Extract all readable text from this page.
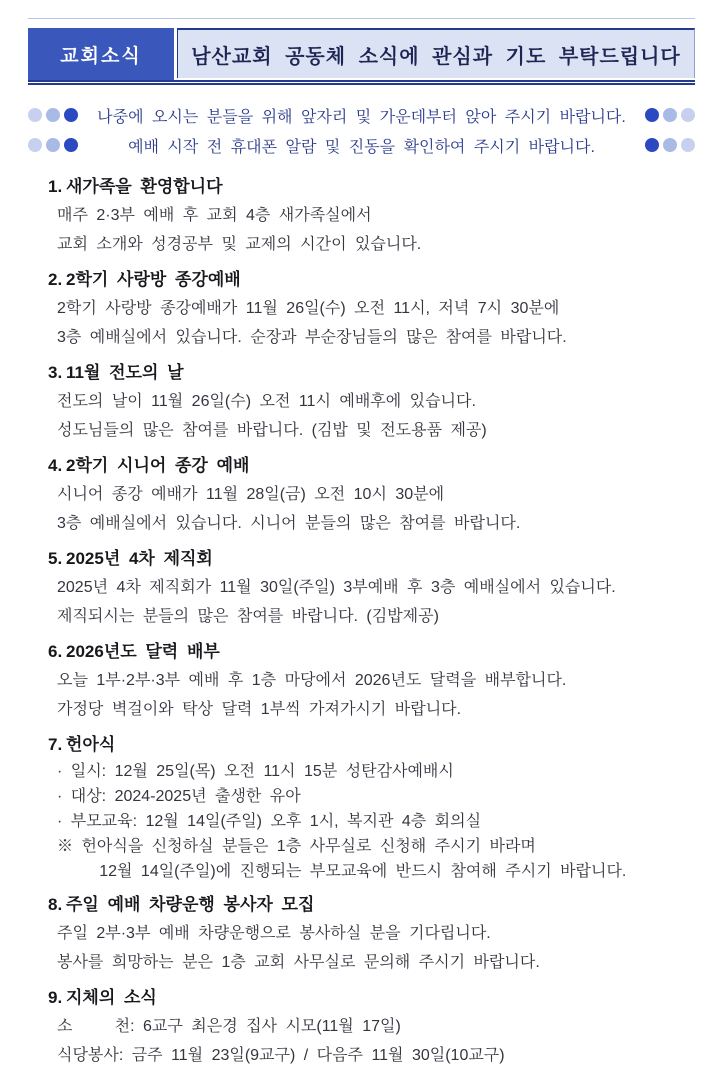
교회소식 남산교회 공동체 소식에 관심과 기도 부탁드립니다
나중에 오시는 분들을 위해 앞자리 및 가운데부터 앉아 주시기 바랍니다.
예배 시작 전 휴대폰 알람 및 진동을 확인하여 주시기 바랍니다.
1. 새가족을 환영합니다
매주 2·3부 예배 후 교회 4층 새가족실에서
교회 소개와 성경공부 및 교제의 시간이 있습니다.
2. 2학기 사랑방 종강예배
2학기 사랑방 종강예배가 11월 26일(수) 오전 11시, 저녁 7시 30분에
3층 예배실에서 있습니다. 순장과 부순장님들의 많은 참여를 바랍니다.
3. 11월 전도의 날
전도의 날이 11월 26일(수) 오전 11시 예배후에 있습니다.
성도님들의 많은 참여를 바랍니다. (김밥 및 전도용품 제공)
4. 2학기 시니어 종강 예배
시니어 종강 예배가 11월 28일(금) 오전 10시 30분에
3층 예배실에서 있습니다. 시니어 분들의 많은 참여를 바랍니다.
5. 2025년 4차 제직회
2025년 4차 제직회가 11월 30일(주일) 3부예배 후 3층 예배실에서 있습니다.
제직되시는 분들의 많은 참여를 바랍니다. (김밥제공)
6. 2026년도 달력 배부
오늘 1부·2부·3부 예배 후 1층 마당에서 2026년도 달력을 배부합니다.
가정당 벽걸이와 탁상 달력 1부씩 가져가시기 바랍니다.
7. 헌아식
· 일시: 12월 25일(목) 오전 11시 15분 성탄감사예배시
· 대상: 2024-2025년 출생한 유아
· 부모교육: 12월 14일(주일) 오후 1시, 복지관 4층 회의실
※ 헌아식을 신청하실 분들은 1층 사무실로 신청해 주시기 바라며
12월 14일(주일)에 진행되는 부모교육에 반드시 참여해 주시기 바랍니다.
8. 주일 예배 차량운행 봉사자 모집
주일 2부·3부 예배 차량운행으로 봉사하실 분을 기다립니다.
봉사를 희망하는 분은 1층 교회 사무실로 문의해 주시기 바랍니다.
9. 지체의 소식
소     천: 6교구 최은경 집사 시모(11월 17일)
식당봉사: 금주 11월 23일(9교구) / 다음주 11월 30일(10교구)
